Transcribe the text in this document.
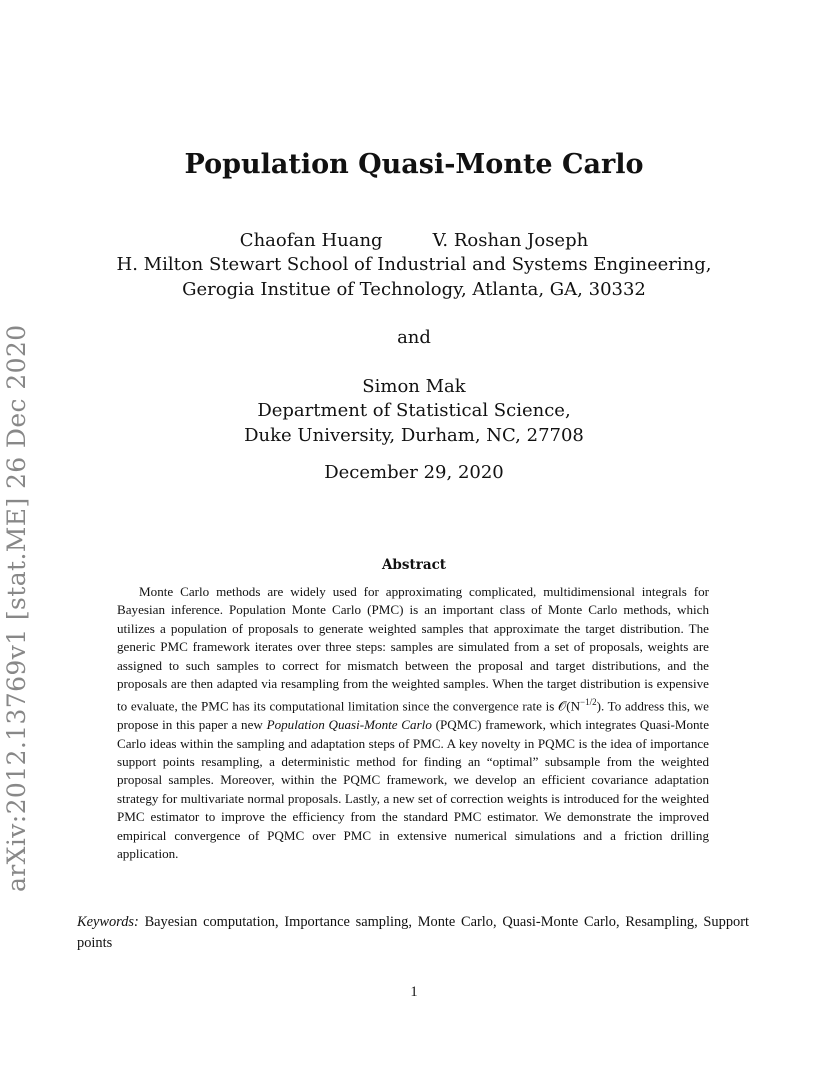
arXiv:2012.13769v1 [stat.ME] 26 Dec 2020
Population Quasi-Monte Carlo
Chaofan Huang	V. Roshan Joseph
H. Milton Stewart School of Industrial and Systems Engineering,
Gerogia Institue of Technology, Atlanta, GA, 30332
and
Simon Mak
Department of Statistical Science,
Duke University, Durham, NC, 27708
December 29, 2020
Abstract
Monte Carlo methods are widely used for approximating complicated, multidimensional integrals for Bayesian inference. Population Monte Carlo (PMC) is an important class of Monte Carlo methods, which utilizes a population of proposals to generate weighted samples that approximate the target distribution. The generic PMC framework iterates over three steps: samples are simulated from a set of proposals, weights are assigned to such samples to correct for mismatch between the proposal and target distributions, and the proposals are then adapted via resampling from the weighted samples. When the target distribution is expensive to evaluate, the PMC has its computational limitation since the convergence rate is $𝒪(N^{-1/2})$. To address this, we propose in this paper a new Population Quasi-Monte Carlo (PQMC) framework, which integrates Quasi-Monte Carlo ideas within the sampling and adaptation steps of PMC. A key novelty in PQMC is the idea of importance support points resampling, a deterministic method for finding an “optimal” subsample from the weighted proposal samples. Moreover, within the PQMC framework, we develop an efficient covariance adaptation strategy for multivariate normal proposals. Lastly, a new set of correction weights is introduced for the weighted PMC estimator to improve the efficiency from the standard PMC estimator. We demonstrate the improved empirical convergence of PQMC over PMC in extensive numerical simulations and a friction drilling application.
Keywords: Bayesian computation, Importance sampling, Monte Carlo, Quasi-Monte Carlo, Resampling, Support points
1
